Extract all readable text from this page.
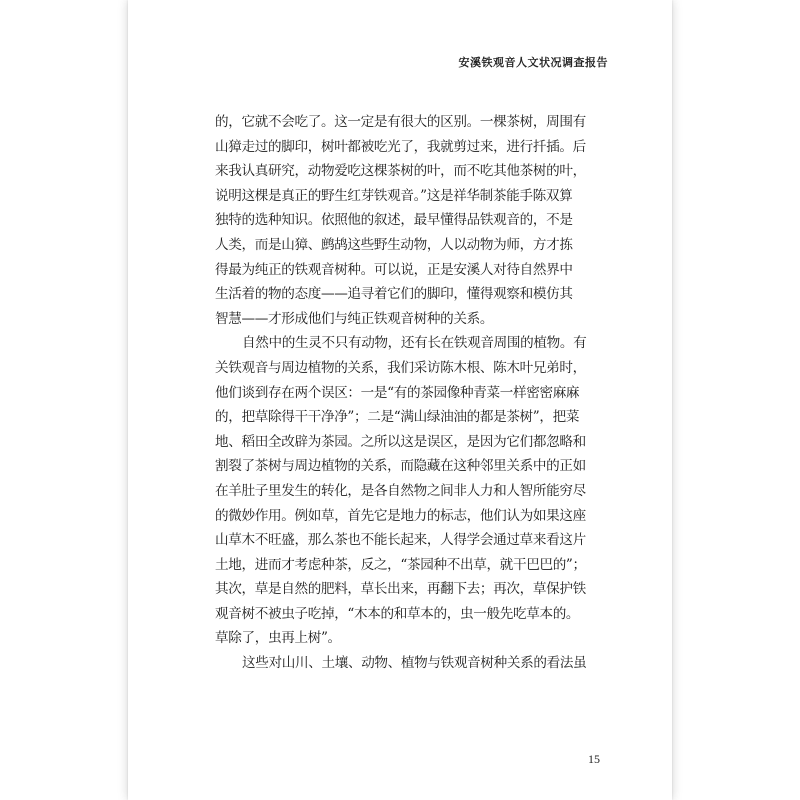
安溪铁观音人文状况调查报告
的，它就不会吃了。这一定是有很大的区别。一棵茶树，周围有
山獐走过的脚印，树叶都被吃光了，我就剪过来，进行扦插。后
来我认真研究，动物爱吃这棵茶树的叶，而不吃其他茶树的叶，
说明这棵是真正的野生红芽铁观音。”这是祥华制茶能手陈双算
独特的选种知识。依照他的叙述，最早懂得品铁观音的，不是
人类，而是山獐、鹧鸪这些野生动物，人以动物为师，方才拣
得最为纯正的铁观音树种。可以说，正是安溪人对待自然界中
生活着的物的态度——追寻着它们的脚印，懂得观察和模仿其
智慧——才形成他们与纯正铁观音树种的关系。
自然中的生灵不只有动物，还有长在铁观音周围的植物。有
关铁观音与周边植物的关系，我们采访陈木根、陈木叶兄弟时，
他们谈到存在两个误区：一是“有的茶园像种青菜一样密密麻麻
的，把草除得干干净净”；二是“满山绿油油的都是茶树”，把菜
地、稻田全改辟为茶园。之所以这是误区，是因为它们都忽略和
割裂了茶树与周边植物的关系，而隐藏在这种邻里关系中的正如
在羊肚子里发生的转化，是各自然物之间非人力和人智所能穷尽
的微妙作用。例如草，首先它是地力的标志，他们认为如果这座
山草木不旺盛，那么茶也不能长起来，人得学会通过草来看这片
土地，进而才考虑种茶，反之，“茶园种不出草，就干巴巴的”；
其次，草是自然的肥料，草长出来，再翻下去；再次，草保护铁
观音树不被虫子吃掉，“木本的和草本的，虫一般先吃草本的。
草除了，虫再上树”。
这些对山川、土壤、动物、植物与铁观音树种关系的看法虽
15
